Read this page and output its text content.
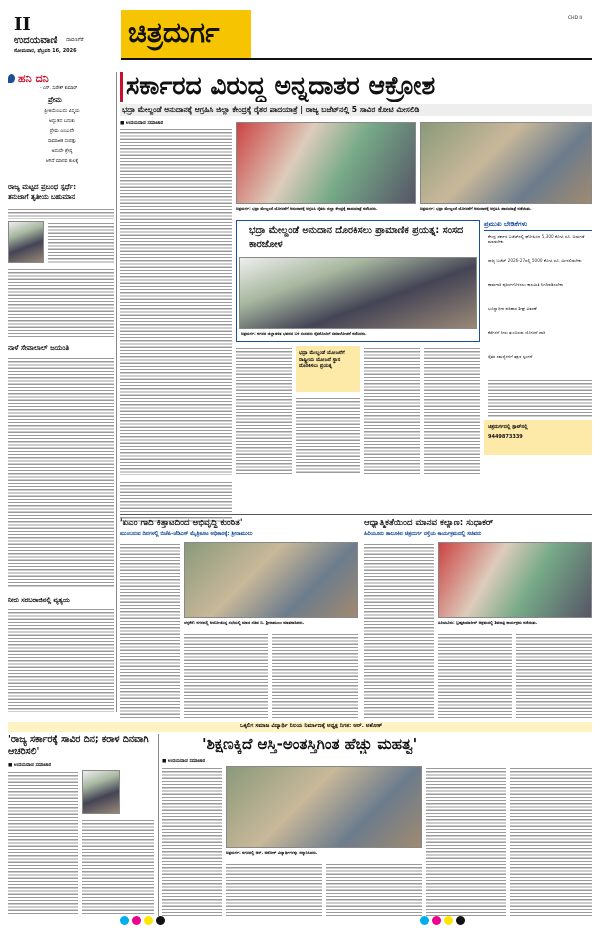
II
ಉದಯವಾಣಿ ದಾವಣಗೆರೆ
ಸೋಮವಾರ, ಫೆಬ್ರವರಿ 16, 2026
ಚಿತ್ರದುರ್ಗ	CHD II
ಹನಿ ದನಿ
- ಎನ್. ಸುರೇಶ್ ಕುಮಾರ್
ಪ್ರೇಮ
ಪ್ರೀತಿಯೆಂಬುದು ವಿಸ್ಮಯ
ಅದ್ಭುತದ ಬದುಕು
ಪ್ರೇಮ ಎಂಬುದೇ
ಸಾಮಾಜಿಕ ಸಂಪತ್ತು
ಅದುವೇ ಶ್ರೇಷ್ಠ
ಆಗಿದೆ ಮಾನವ ಕುಲಕ್ಕೆ
ರಾಜ್ಯ ಮಟ್ಟದ ಪ್ರಬಂಧ ಸ್ಪರ್ಧೆ:
ತನುಜಾಗೆ ತೃತೀಯ ಬಹುಮಾನ
ನಾಳೆ ಸೇವಾಲಾಲ್ ಜಯಂತಿ
ನೀರು ಸರಬರಾಜಿನಲ್ಲಿ ವ್ಯತ್ಯಯ
ಸರ್ಕಾರದ ವಿರುದ್ಧ ಅನ್ನದಾತರ ಆಕ್ರೋಶ
ಭದ್ರಾ ಮೇಲ್ದಂಡೆ ಅನುದಾನಕ್ಕೆ ಆಗ್ರಹಿಸಿ ಜಿಲ್ಲಾ ಕೇಂದ್ರಕ್ಕೆ ರೈತರ ಪಾದಯಾತ್ರೆ | ರಾಜ್ಯ ಬಜೆಟ್‌ನಲ್ಲಿ 5 ಸಾವಿರ ಕೋಟಿ ಮೀಸಲಿಡಿ
■ ಉದಯವಾಣಿ ಸಮಾಚಾರ
ಚಿತ್ರದುರ್ಗ: ಭದ್ರಾ ಮೇಲ್ದಂಡೆ ಯೋಜನೆಗೆ ಅನುದಾನಕ್ಕೆ ಆಗ್ರಹಿಸಿ ರೈತರು ಜಿಲ್ಲಾ ಕೇಂದ್ರಕ್ಕೆ ಪಾದಯಾತ್ರೆ ನಡೆಸಿದರು.	ಚಿತ್ರದುರ್ಗ: ಭದ್ರಾ ಮೇಲ್ದಂಡೆ ಯೋಜನೆಗೆ ಅನುದಾನಕ್ಕೆ ಆಗ್ರಹಿಸಿ ಪಾದಯಾತ್ರೆ ನಡೆಯಿತು.
ಭದ್ರಾ ಮೇಲ್ದಂಡೆ ಅನುದಾನ ದೊರಕಿಸಲು ಪ್ರಾಮಾಣಿಕ ಪ್ರಯತ್ನ: ಸಂಸದ ಕಾರಜೋಳ
ಚಿತ್ರದುರ್ಗ: ನಗರದ ಜಿಲ್ಲಾಡಳಿತ ಭವನದ ಬಳಿ ಸಂಸದರು ರೈತರೊಂದಿಗೆ ಸಮಾಲೋಚನೆ ನಡೆಸಿದರು.
ಪ್ರಮುಖ ಬೇಡಿಕೆಗಳು
ಕೇಂದ್ರ ಸರ್ಕಾರ ಬಜೆಟ್‌ನಲ್ಲಿ ಘೋಷಿಸಿದ 5,300 ಕೋಟಿ ರೂ. ಬಿಡುಗಡೆ ಮಾಡಬೇಕು
ರಾಜ್ಯ ಬಜೆಟ್ 2026-27ರಲ್ಲಿ 5000 ಕೋಟಿ ರೂ. ಮೀಸಲಿಡಬೇಕು
ಕಾಮಗಾರಿ ಪೂರ್ಣಗೊಳಿಸಲು ಕಾಲಮಿತಿ ನಿಗದಿಪಡಿಸಬೇಕು
ಭೂಸ್ವಾಧೀನ ಪರಿಹಾರ ಶೀಘ್ರ ವಿತರಣೆ
ಕೆರೆಗಳಿಗೆ ನೀರು ತುಂಬಿಸುವ ಯೋಜನೆ ಜಾರಿ
ರೈತರ ಸಮಸ್ಯೆಗಳಿಗೆ ತಕ್ಷಣ ಸ್ಪಂದನೆ
ಚಿತ್ರದುರ್ಗದಲ್ಲಿ ಸ್ಪಾಟ್‌ನಲ್ಲಿ
9449873339
ಭದ್ರಾ ಮೇಲ್ದಂಡೆ ಯೋಜನೆಗೆ ರಾಷ್ಟ್ರೀಯ ಯೋಜನೆ ಸ್ಥಾನ ದೊರಕಿಸಲು ಪ್ರಯತ್ನ
'ಏಎಂ ಗಾದಿ ಕಿತ್ತಾಟದಿಂದ ಅಭಿವೃದ್ಧಿ ಕುಂಠಿತ'
ಮುಂಬರುವ ದಿನಗಳಲ್ಲಿ ಬಿಜೆಪಿ-ಜೆಡಿಎಸ್ ಮೈತ್ರಿಕೂಟ ಅಧಿಕಾರಕ್ಕೆ: ಶ್ರೀರಾಮುಲು
ಚಳ್ಳಕೆರೆ: ನಗರದಲ್ಲಿ ಆಯೋಜಿಸಿದ್ದ ಸಭೆಯಲ್ಲಿ ಮಾಜಿ ಸಚಿವ ಬಿ. ಶ್ರೀರಾಮುಲು ಮಾತನಾಡಿದರು.
ಆಧ್ಯಾತ್ಮಿಕತೆಯಿಂದ ಮಾನವ ಕಲ್ಯಾಣ: ಸುಧಾಕರ್
ಹಿರಿಯೂರು ತಾಲೂಕಿನ ಚಿತ್ರದುರ್ಗ ರಸ್ತೆಯ ಕಾರ್ಯಕ್ರಮದಲ್ಲಿ ಸಚಿವರು
ಹಿರಿಯೂರು: ಬ್ರಹ್ಮಕುಮಾರೀಸ್ ಆಶ್ರಮದಲ್ಲಿ ಶಿವರಾತ್ರಿ ಕಾರ್ಯಕ್ರಮ ನಡೆಯಿತು.
ಒಕ್ಕಲಿಗ ಸಮಾಜ ವಿದ್ಯಾರ್ಥಿ ನಿಲಯ ನಿರ್ಮಾಣಕ್ಕೆ ಅಧ್ಯಕ್ಷ ನಿಗತ: ಆರ್. ಅಶೋಕ್
'ರಾಜ್ಯ ಸರ್ಕಾರಕ್ಕೆ ಸಾವಿರ ದಿನ; ಕರಾಳ ದಿನವಾಗಿ ಆಚರಿಸಲಿ'
■ ಉದಯವಾಣಿ ಸಮಾಚಾರ
'ಶಿಕ್ಷಣಕ್ಕಿದೆ ಆಸ್ತಿ-ಅಂತಸ್ತಿಗಿಂತ ಹೆಚ್ಚು ಮಹತ್ವ'
■ ಉದಯವಾಣಿ ಸಮಾಚಾರ
ಚಿತ್ರದುರ್ಗ: ನಗರದಲ್ಲಿ ಆರ್. ಅಶೋಕ್ ವಿದ್ಯಾರ್ಥಿಗಳನ್ನು ಸನ್ಮಾನಿಸಿದರು.
